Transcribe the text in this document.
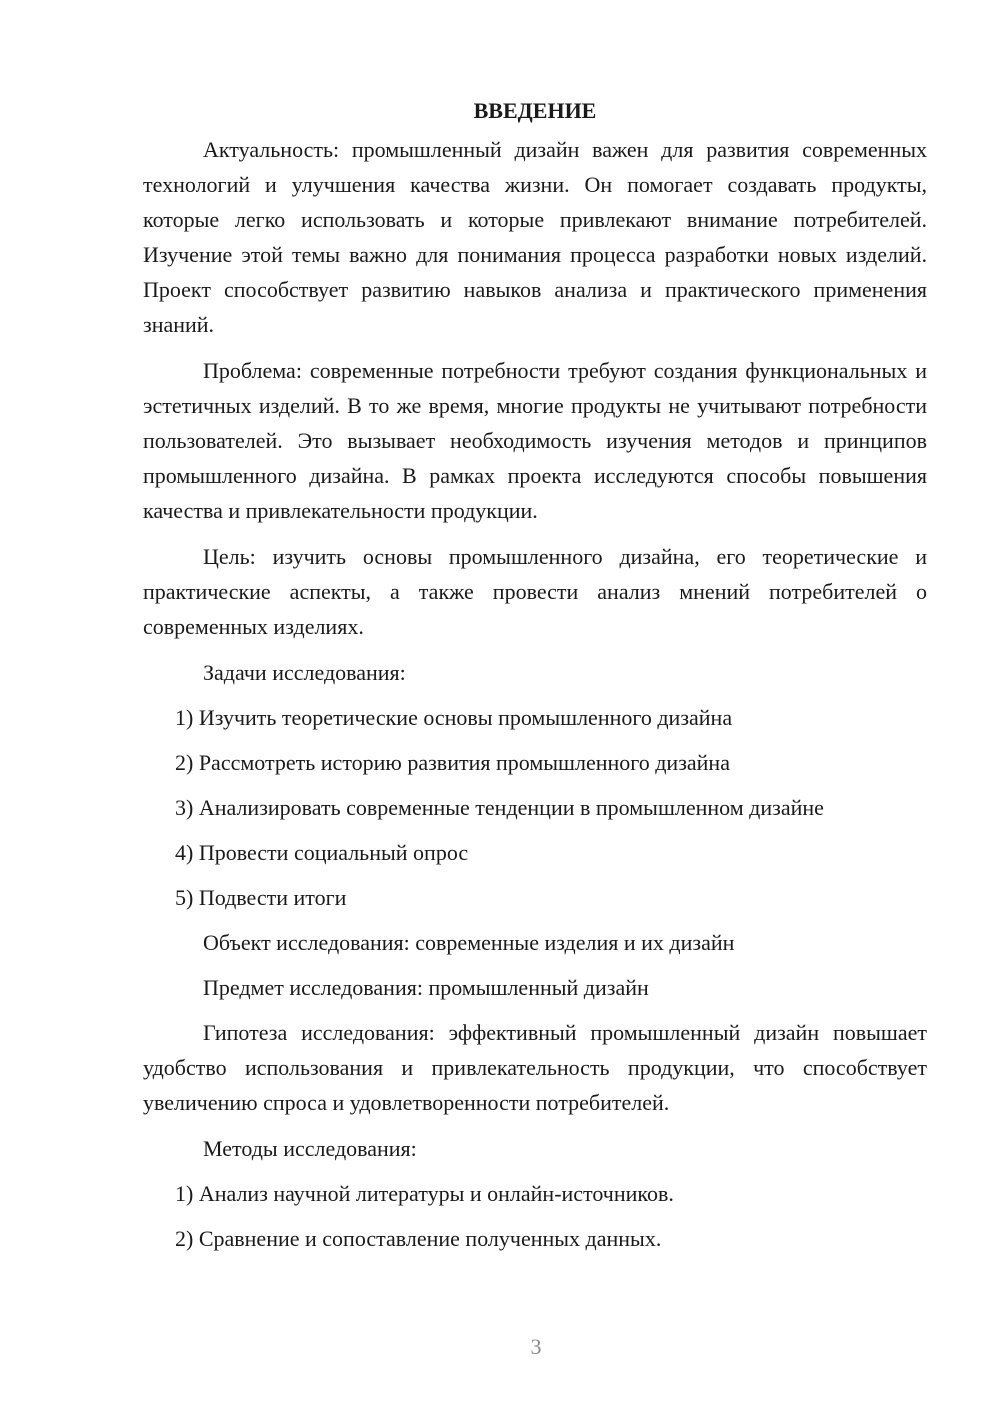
ВВЕДЕНИЕ
Актуальность: промышленный дизайн важен для развития современных технологий и улучшения качества жизни. Он помогает создавать продукты, которые легко использовать и которые привлекают внимание потребителей. Изучение этой темы важно для понимания процесса разработки новых изделий. Проект способствует развитию навыков анализа и практического применения знаний.
Проблема: современные потребности требуют создания функциональных и эстетичных изделий. В то же время, многие продукты не учитывают потребности пользователей. Это вызывает необходимость изучения методов и принципов промышленного дизайна. В рамках проекта исследуются способы повышения качества и привлекательности продукции.
Цель: изучить основы промышленного дизайна, его теоретические и практические аспекты, а также провести анализ мнений потребителей о современных изделиях.
Задачи исследования:
1) Изучить теоретические основы промышленного дизайна
2) Рассмотреть историю развития промышленного дизайна
3) Анализировать современные тенденции в промышленном дизайне
4) Провести социальный опрос
5) Подвести итоги
Объект исследования: современные изделия и их дизайн
Предмет исследования: промышленный дизайн
Гипотеза исследования: эффективный промышленный дизайн повышает удобство использования и привлекательность продукции, что способствует увеличению спроса и удовлетворенности потребителей.
Методы исследования:
1) Анализ научной литературы и онлайн-источников.
2) Сравнение и сопоставление полученных данных.
3
